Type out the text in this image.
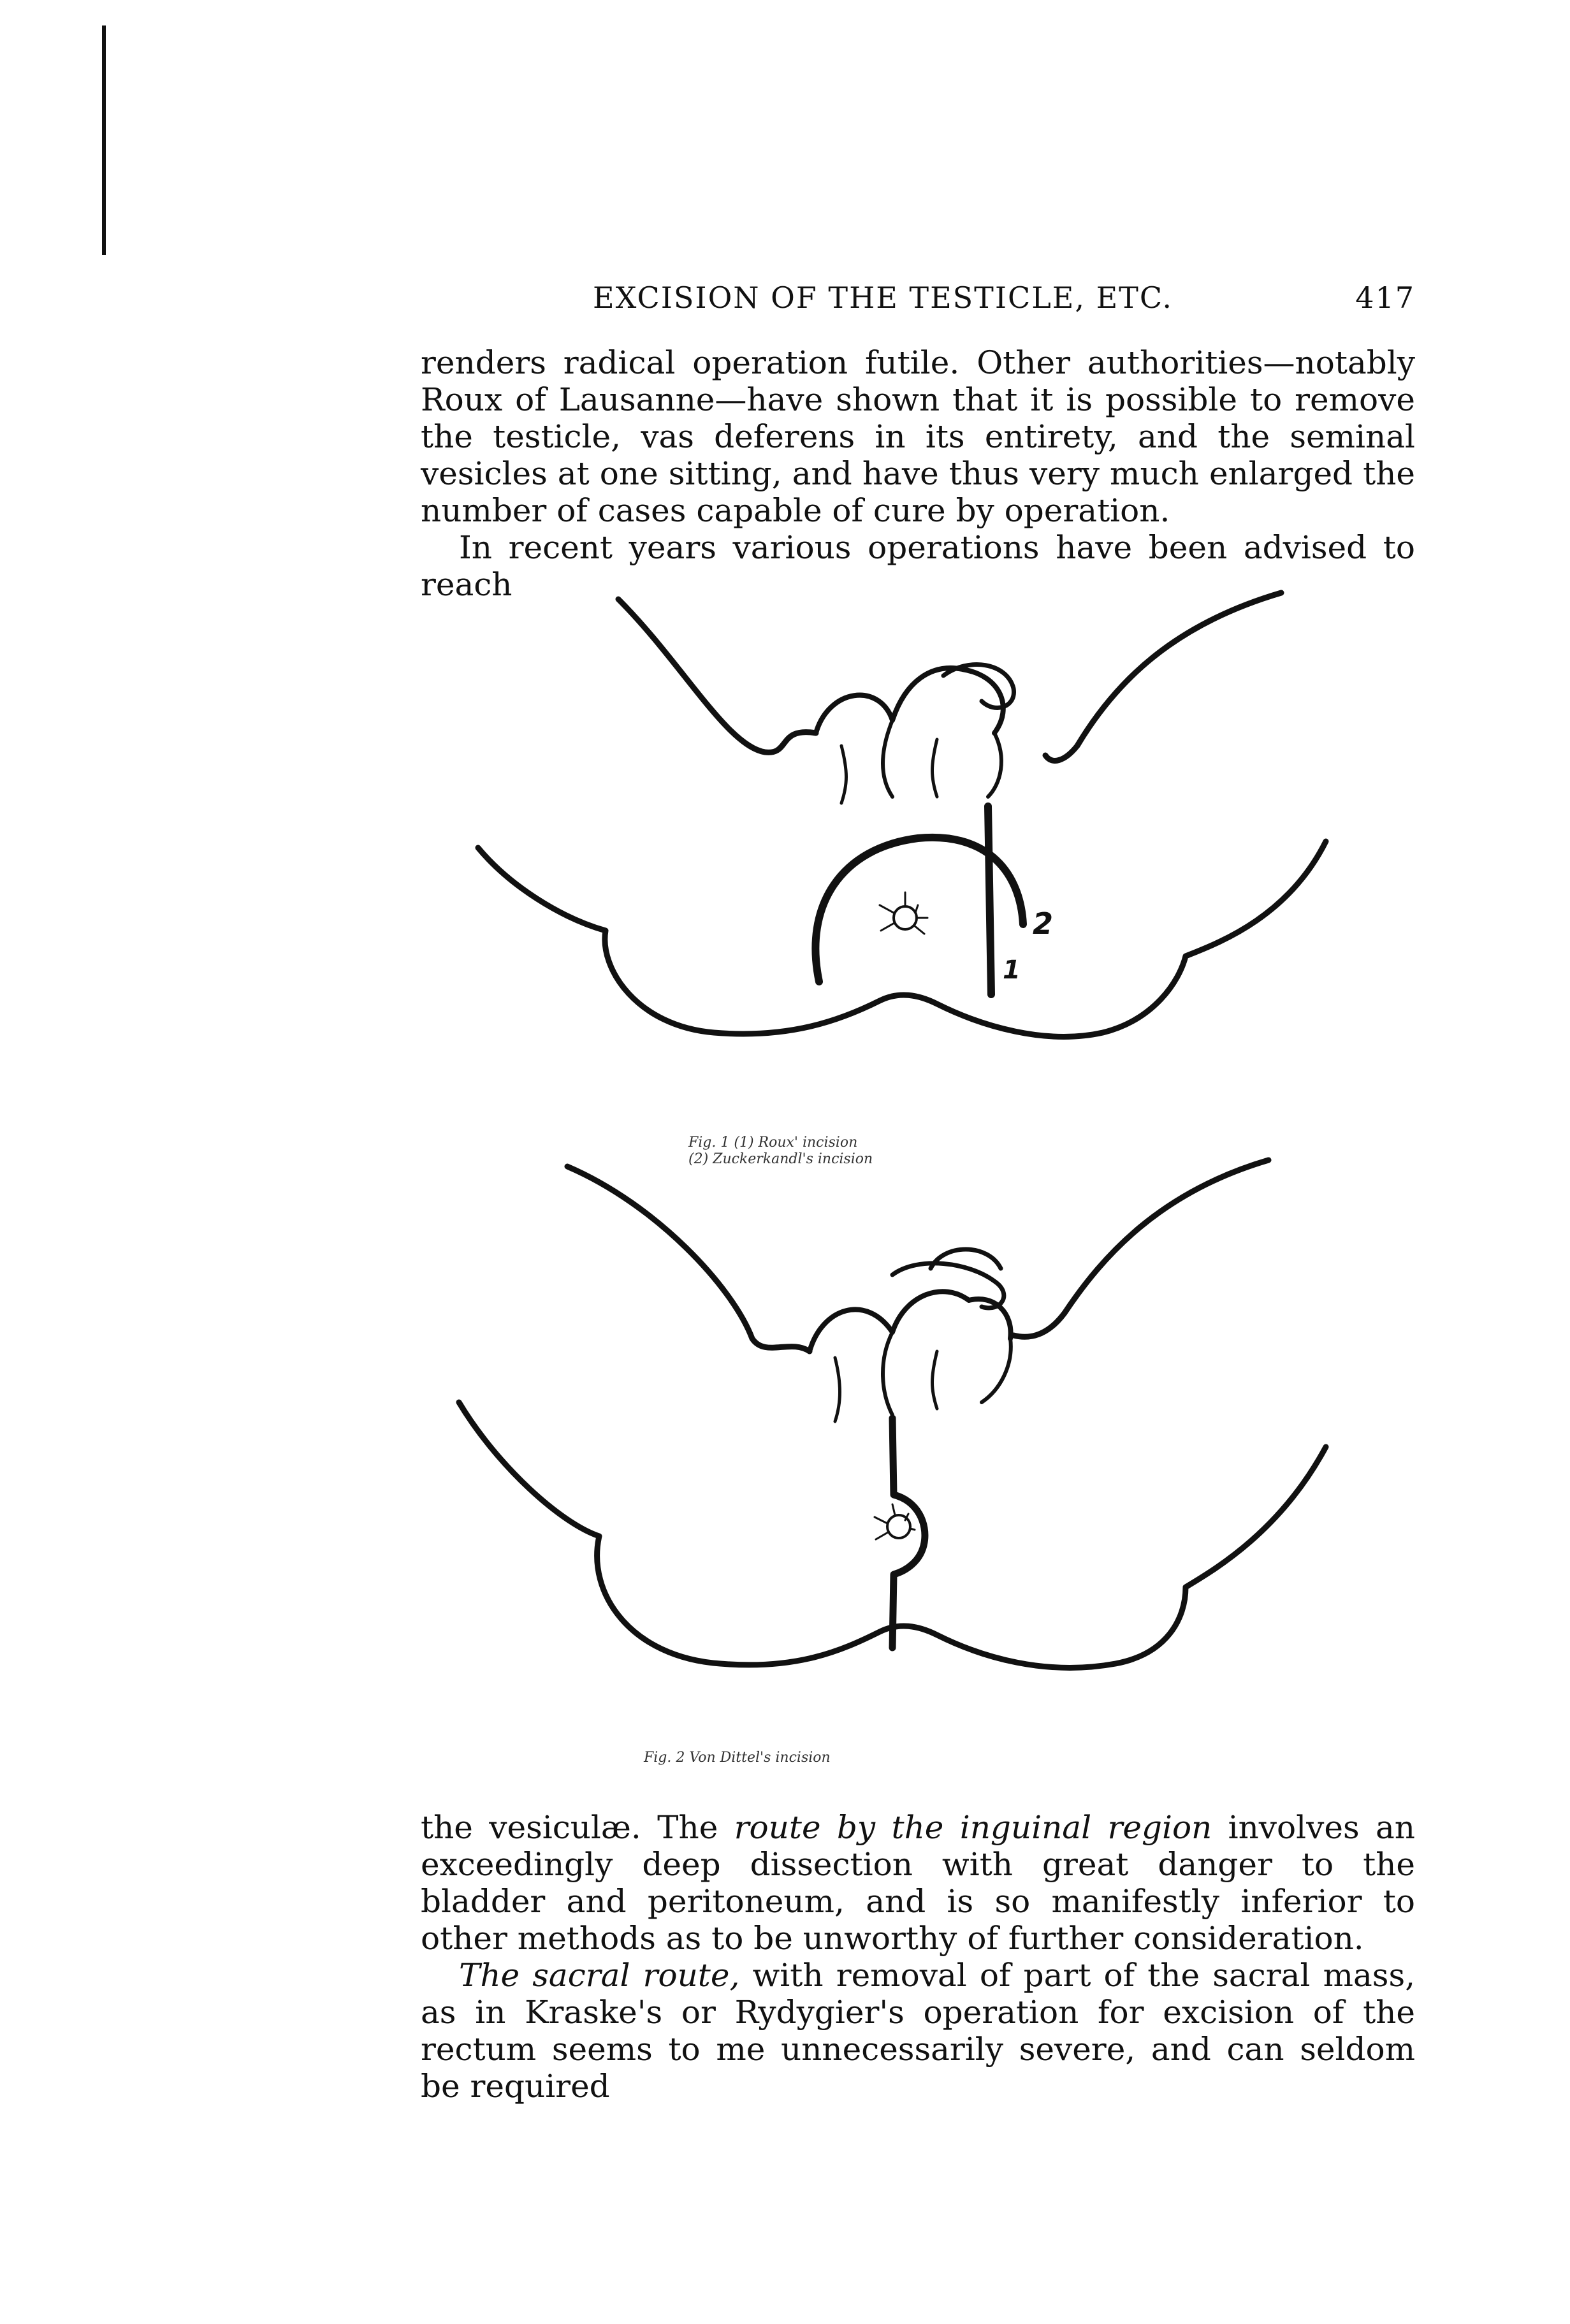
EXCISION OF THE TESTICLE, ETC.	417

renders radical operation futile. Other authorities—notably Roux of Lausanne—have shown that it is possible to remove the testicle, vas deferens in its entirety, and the seminal vesicles at one sitting, and have thus very much enlarged the number of cases capable of cure by operation.

In recent years various operations have been advised to reach

1
2
Fig. 1 (1) Roux' incision
(2) Zuckerkandl's incision
Fig. 2 Von Dittel's incision

the vesiculæ. The route by the inguinal region involves an exceedingly deep dissection with great danger to the bladder and peritoneum, and is so manifestly inferior to other methods as to be unworthy of further consideration.

The sacral route, with removal of part of the sacral mass, as in Kraske's or Rydygier's operation for excision of the rectum seems to me unnecessarily severe, and can seldom be required
